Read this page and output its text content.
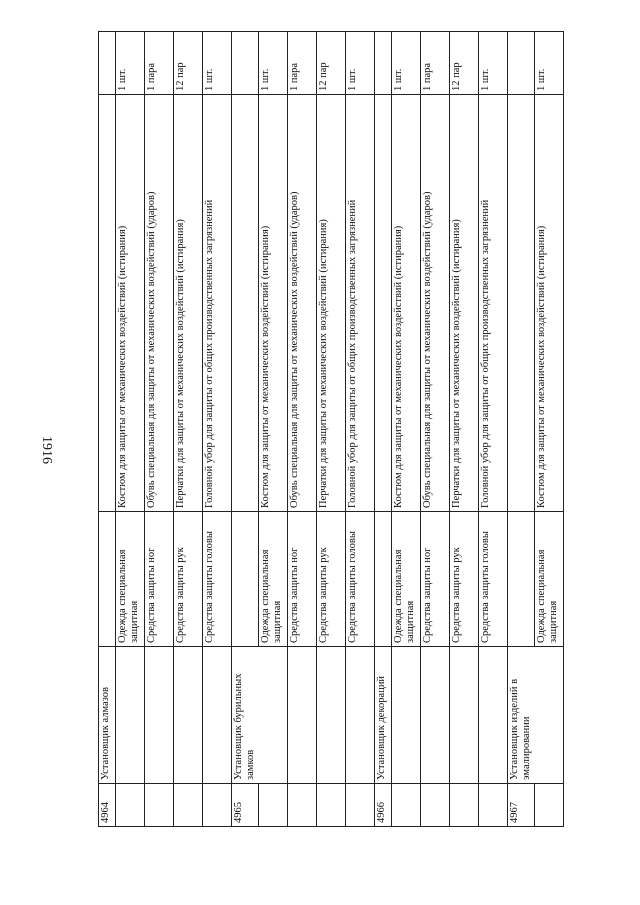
1916
4964	Установщик алмазов			
		Одежда специальная защитная	Костюм для защиты от механических воздействий (истирания)	1 шт.
		Средства защиты ног	Обувь специальная для защиты от механических воздействий (ударов)	1 пара
		Средства защиты рук	Перчатки для защиты от механических воздействий (истирания)	12 пар
		Средства защиты головы	Головной убор для защиты от общих производственных загрязнений	1 шт.
4965	Установщик бурильных замков			
		Одежда специальная защитная	Костюм для защиты от механических воздействий (истирания)	1 шт.
		Средства защиты ног	Обувь специальная для защиты от механических воздействий (ударов)	1 пара
		Средства защиты рук	Перчатки для защиты от механических воздействий (истирания)	12 пар
		Средства защиты головы	Головной убор для защиты от общих производственных загрязнений	1 шт.
4966	Установщик декораций			
		Одежда специальная защитная	Костюм для защиты от механических воздействий (истирания)	1 шт.
		Средства защиты ног	Обувь специальная для защиты от механических воздействий (ударов)	1 пара
		Средства защиты рук	Перчатки для защиты от механических воздействий (истирания)	12 пар
		Средства защиты головы	Головной убор для защиты от общих производственных загрязнений	1 шт.
4967	Установщик изделий в эмалировании			
		Одежда специальная защитная	Костюм для защиты от механических воздействий (истирания)	1 шт.
